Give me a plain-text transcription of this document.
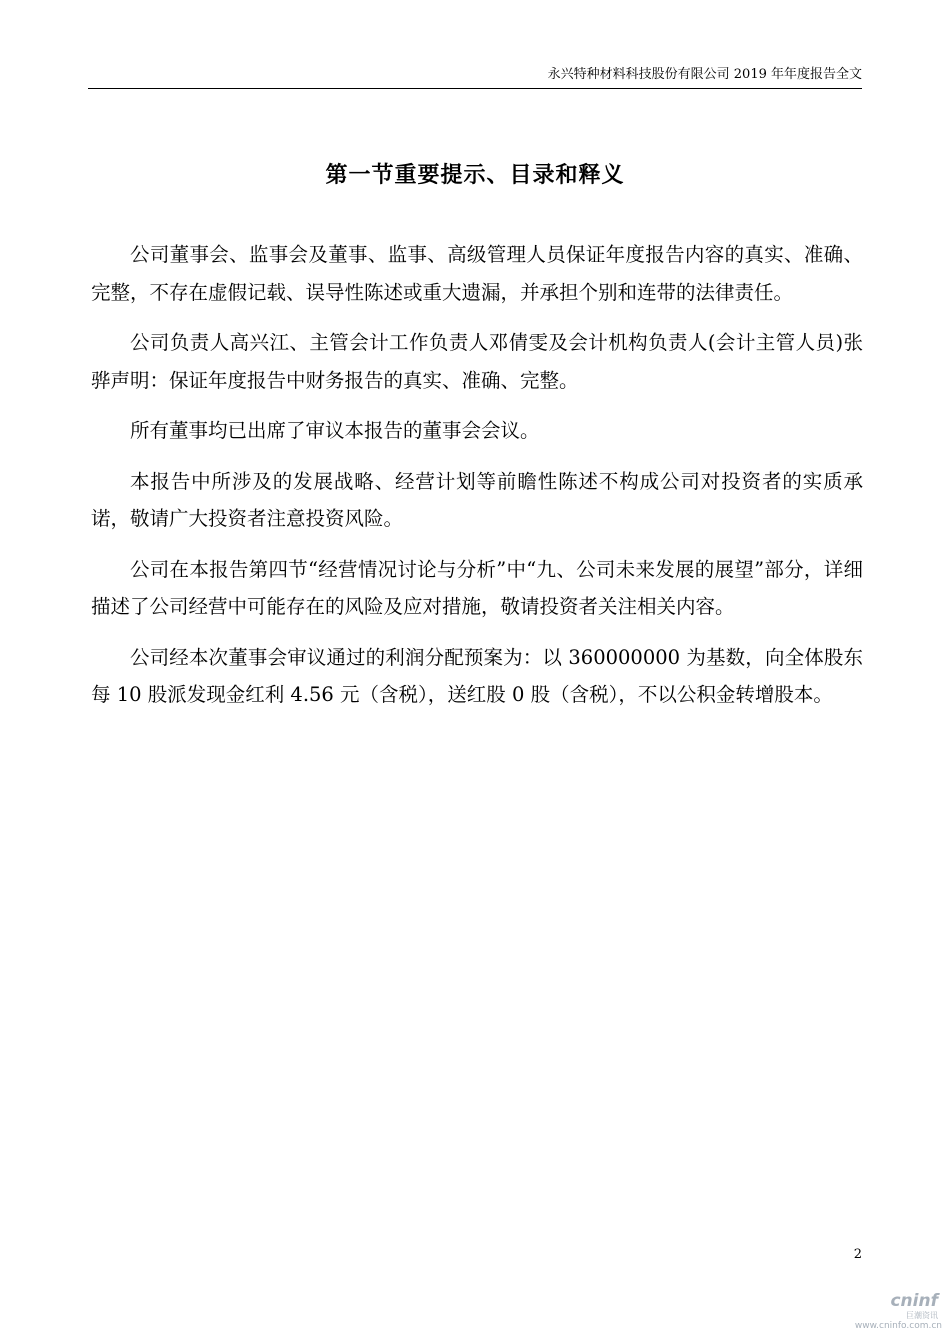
永兴特种材料科技股份有限公司 2019 年年度报告全文
第一节重要提示、目录和释义

公司董事会、监事会及董事、监事、高级管理人员保证年度报告内容的真实、准确、完整，不存在虚假记载、误导性陈述或重大遗漏，并承担个别和连带的法律责任。

公司负责人高兴江、主管会计工作负责人邓倩雯及会计机构负责人(会计主管人员)张骅声明：保证年度报告中财务报告的真实、准确、完整。

所有董事均已出席了审议本报告的董事会会议。

本报告中所涉及的发展战略、经营计划等前瞻性陈述不构成公司对投资者的实质承诺，敬请广大投资者注意投资风险。

公司在本报告第四节“经营情况讨论与分析”中“九、公司未来发展的展望”部分，详细描述了公司经营中可能存在的风险及应对措施，敬请投资者关注相关内容。

公司经本次董事会审议通过的利润分配预案为：以 360000000 为基数，向全体股东每 10 股派发现金红利 4.56 元（含税），送红股 0 股（含税），不以公积金转增股本。

2
cninf
巨潮资讯
www.cninfo.com.cn
